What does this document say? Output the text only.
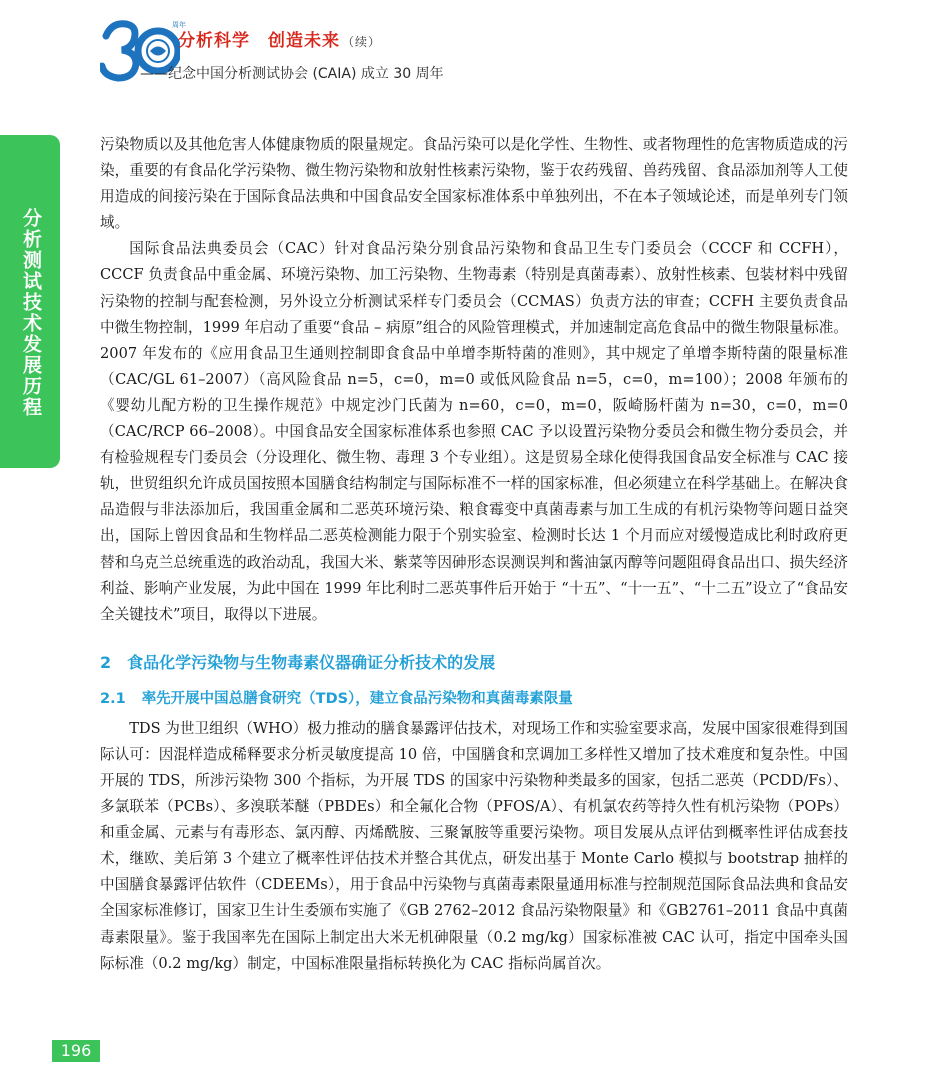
周年
分析科学　创造未来 （续）
——纪念中国分析测试协会 (CAIA) 成立 30 周年
分析测试技术发展历程

污染物质以及其他危害人体健康物质的限量规定。食品污染可以是化学性、生物性、或者物理性的危害物质造成的污染，重要的有食品化学污染物、微生物污染物和放射性核素污染物，鉴于农药残留、兽药残留、食品添加剂等人工使用造成的间接污染在于国际食品法典和中国食品安全国家标准体系中单独列出，不在本子领域论述，而是单列专门领域。

国际食品法典委员会（CAC）针对食品污染分别食品污染物和食品卫生专门委员会（CCCF 和 CCFH），CCCF 负责食品中重金属、环境污染物、加工污染物、生物毒素（特别是真菌毒素）、放射性核素、包装材料中残留污染物的控制与配套检测，另外设立分析测试采样专门委员会（CCMAS）负责方法的审查；CCFH 主要负责食品中微生物控制，1999 年启动了重要“食品 – 病原”组合的风险管理模式，并加速制定高危食品中的微生物限量标准。2007 年发布的《应用食品卫生通则控制即食食品中单增李斯特菌的准则》，其中规定了单增李斯特菌的限量标准（CAC/GL 61–2007）（高风险食品 n=5，c=0，m=0 或低风险食品 n=5，c=0，m=100）；2008 年颁布的《婴幼儿配方粉的卫生操作规范》中规定沙门氏菌为 n=60，c=0，m=0，阪崎肠杆菌为 n=30，c=0，m=0（CAC/RCP 66–2008）。中国食品安全国家标准体系也参照 CAC 予以设置污染物分委员会和微生物分委员会，并有检验规程专门委员会（分设理化、微生物、毒理 3 个专业组）。这是贸易全球化使得我国食品安全标准与 CAC 接轨，世贸组织允许成员国按照本国膳食结构制定与国际标准不一样的国家标准，但必须建立在科学基础上。在解决食品造假与非法添加后，我国重金属和二恶英环境污染、粮食霉变中真菌毒素与加工生成的有机污染物等问题日益突出，国际上曾因食品和生物样品二恶英检测能力限于个别实验室、检测时长达 1 个月而应对缓慢造成比利时政府更替和乌克兰总统重选的政治动乱，我国大米、紫菜等因砷形态误测误判和酱油氯丙醇等问题阻碍食品出口、损失经济利益、影响产业发展，为此中国在 1999 年比利时二恶英事件后开始于 “十五”、“十一五”、“十二五”设立了“食品安全关键技术”项目，取得以下进展。

2 食品化学污染物与生物毒素仪器确证分析技术的发展
2.1 率先开展中国总膳食研究（TDS），建立食品污染物和真菌毒素限量

TDS 为世卫组织（WHO）极力推动的膳食暴露评估技术，对现场工作和实验室要求高，发展中国家很难得到国际认可：因混样造成稀释要求分析灵敏度提高 10 倍，中国膳食和烹调加工多样性又增加了技术难度和复杂性。中国开展的 TDS，所涉污染物 300 个指标，为开展 TDS 的国家中污染物种类最多的国家，包括二恶英（PCDD/Fs）、多氯联苯（PCBs）、多溴联苯醚（PBDEs）和全氟化合物（PFOS/A）、有机氯农药等持久性有机污染物（POPs）和重金属、元素与有毒形态、氯丙醇、丙烯酰胺、三聚氰胺等重要污染物。项目发展从点评估到概率性评估成套技术，继欧、美后第 3 个建立了概率性评估技术并整合其优点，研发出基于 Monte Carlo 模拟与 bootstrap 抽样的中国膳食暴露评估软件（CDEEMs），用于食品中污染物与真菌毒素限量通用标准与控制规范国际食品法典和食品安全国家标准修订，国家卫生计生委颁布实施了《GB 2762–2012 食品污染物限量》和《GB2761–2011 食品中真菌毒素限量》。鉴于我国率先在国际上制定出大米无机砷限量（0.2 mg/kg）国家标准被 CAC 认可，指定中国牵头国际标准（0.2 mg/kg）制定，中国标准限量指标转换化为 CAC 指标尚属首次。

196
